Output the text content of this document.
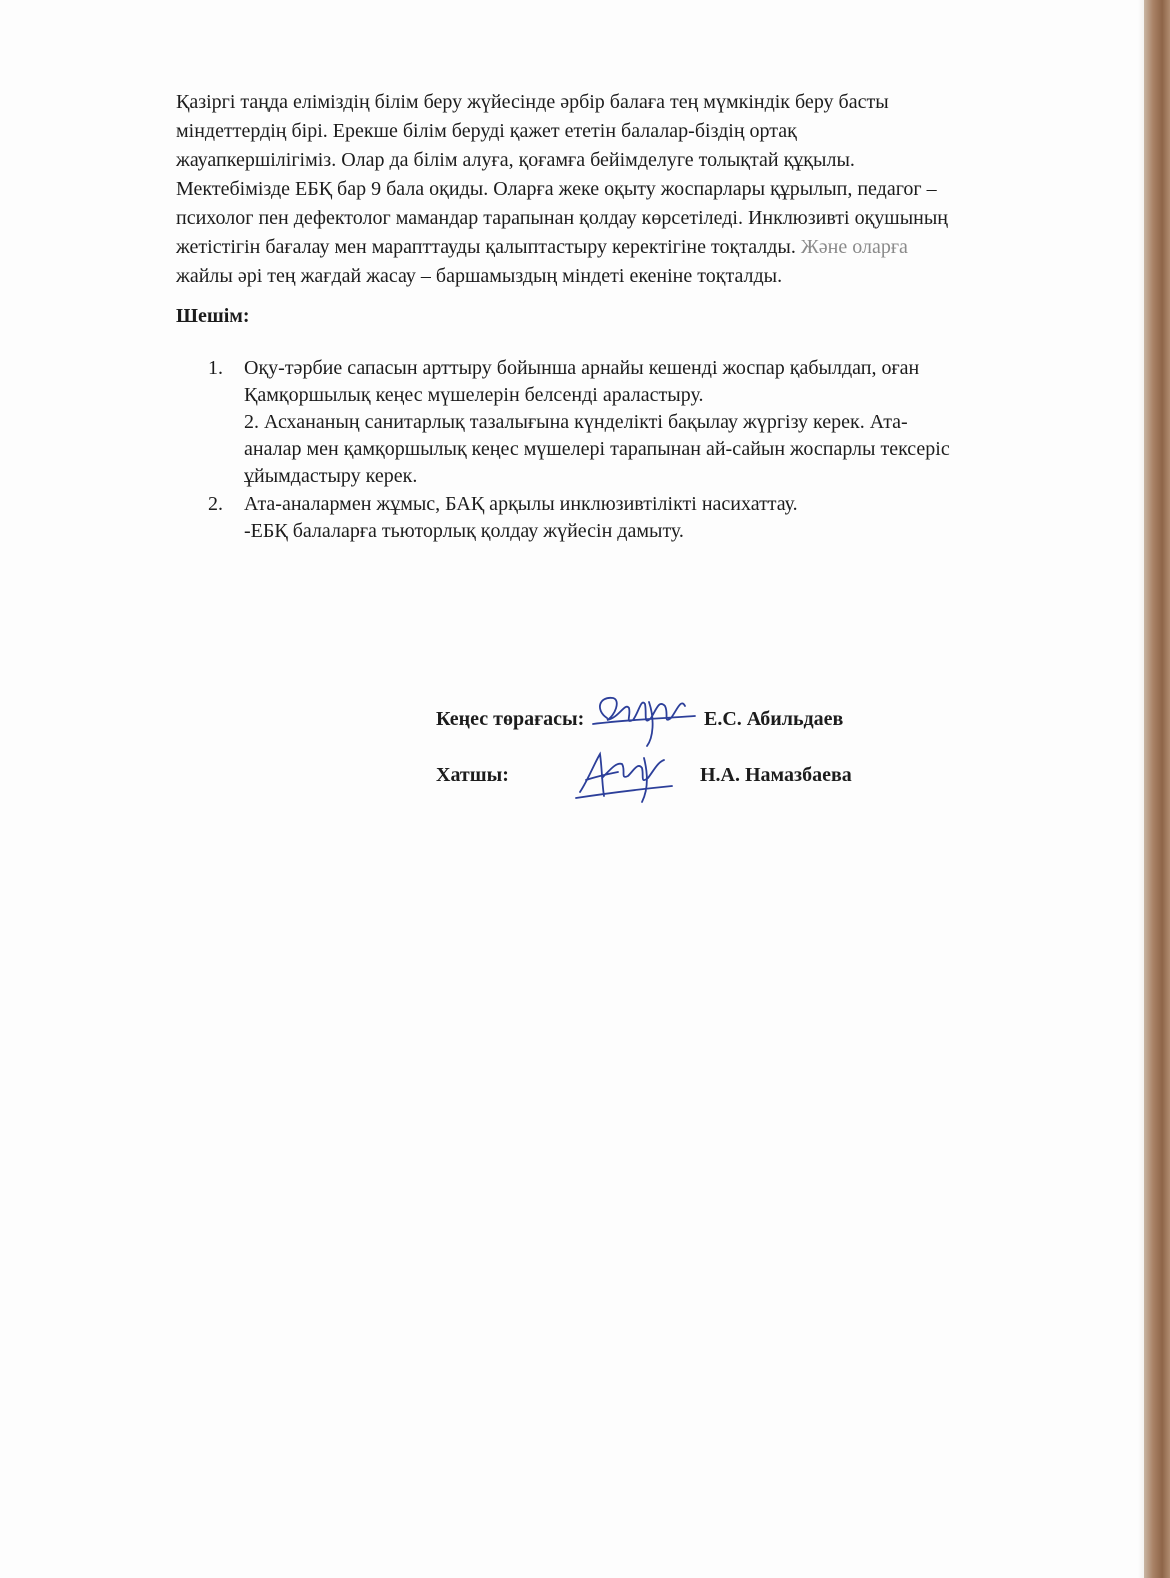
Қазіргі таңда еліміздің білім беру жүйесінде әрбір балаға тең мүмкіндік беру басты
міндеттердің бірі. Ерекше білім беруді қажет ететін балалар-біздің ортақ
жауапкершілігіміз. Олар да білім алуға, қоғамға бейімделуге толықтай құқылы.
Мектебімізде ЕБҚ бар 9 бала оқиды. Оларға жеке оқыту жоспарлары құрылып, педагог –
психолог пен дефектолог мамандар тарапынан қолдау көрсетіледі. Инклюзивті оқушының
жетістігін бағалау мен марапттауды қалыптастыру керектігіне тоқталды. Және оларға
жайлы әрі тең жағдай жасау – баршамыздың міндеті екеніне тоқталды.
Шешім:
1. Оқу-тәрбие сапасын арттыру бойынша арнайы кешенді жоспар қабылдап, оған
Қамқоршылық кеңес мүшелерін белсенді араластыру.
2. Асхананың санитарлық тазалығына күнделікті бақылау жүргізу керек. Ата-
аналар мен қамқоршылық кеңес мүшелері тарапынан ай-сайын жоспарлы тексеріс
ұйымдастыру керек.
2. Ата-аналармен жұмыс, БАҚ арқылы инклюзивтілікті насихаттау.
-ЕБҚ балаларға тьюторлық қолдау жүйесін дамыту.
Кеңес төрағасы:	Е.С. Абильдаев
Хатшы:	Н.А. Намазбаева
